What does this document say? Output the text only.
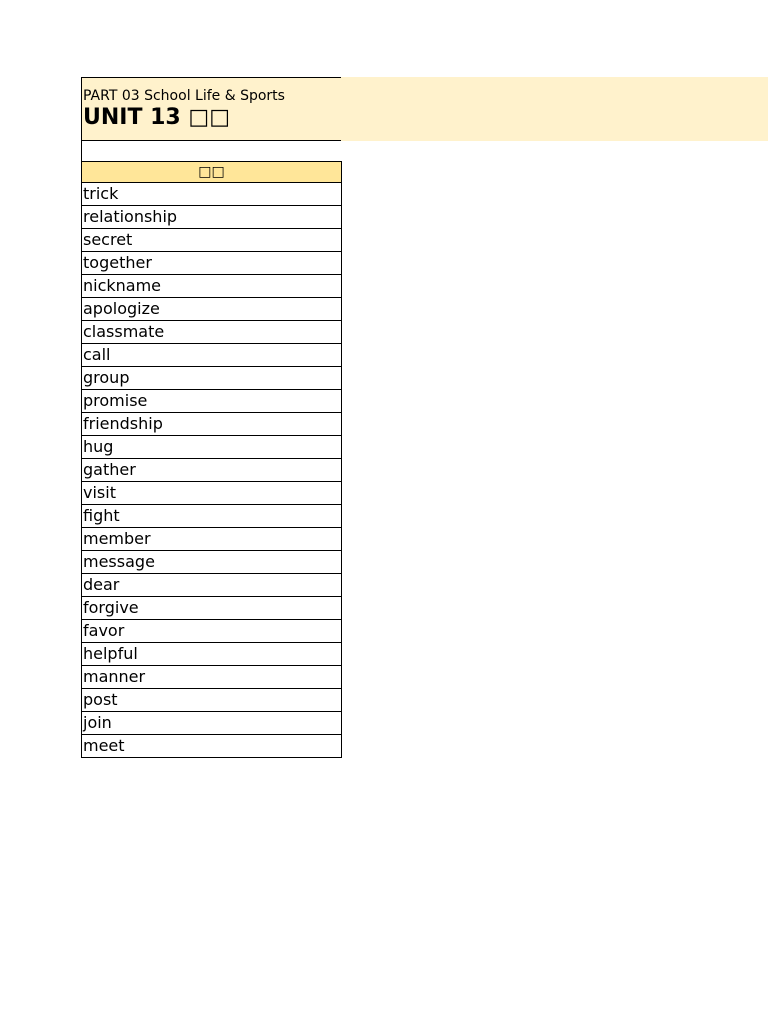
PART 03 School Life & Sports
UNIT 13 □□
□□
trick
relationship
secret
together
nickname
apologize
classmate
call
group
promise
friendship
hug
gather
visit
fight
member
message
dear
forgive
favor
helpful
manner
post
join
meet
